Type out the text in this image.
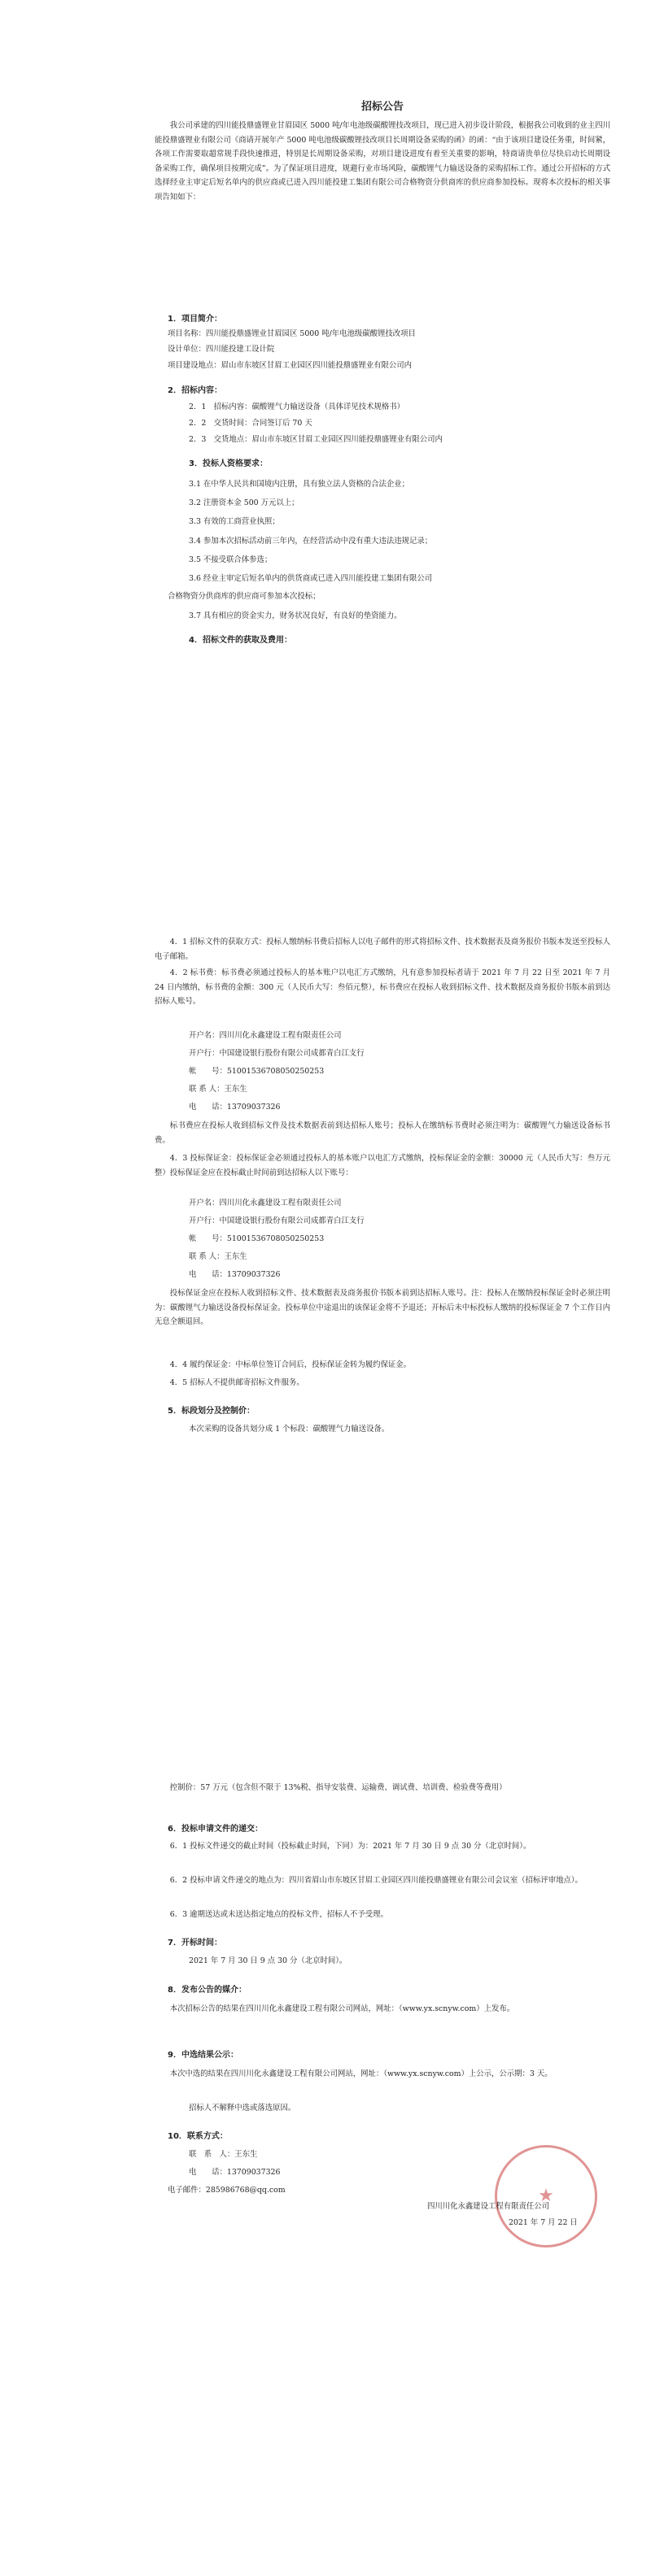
招标公告
我公司承建的四川能投鼎盛锂业甘眉园区 5000 吨/年电池级碳酸锂技改项目，现已进入初步设计阶段，根据我公司收到的业主四川能投鼎盛锂业有限公司《商请开展年产 5000 吨电池级碳酸锂技改项目长周期设备采购的函》的函：“由于该项目建设任务重，时间紧，各项工作需要取超常规手段快速推进，特别是长周期设备采购，对项目建设进度有着至关重要的影响，特商请贵单位尽快启动长周期设备采购工作，确保项目按期完成”。为了保证项目进度，规避行业市场风险，碳酸锂气力输送设备的采购招标工作。通过公开招标的方式选择经业主审定后短名单内的供应商或已进入四川能投建工集团有限公司合格物资分供商库的供应商参加投标。现将本次投标的相关事项告知如下：
1．项目简介：
项目名称：四川能投鼎盛锂业甘眉园区 5000 吨/年电池级碳酸锂技改项目
设计单位：四川能投建工设计院
项目建设地点：眉山市东坡区甘眉工业园区四川能投鼎盛锂业有限公司内
2．招标内容：
2．1　招标内容：碳酸锂气力输送设备（具体详见技术规格书）
2．2　交货时间：合同签订后 70 天
2．3　交货地点：眉山市东坡区甘眉工业园区四川能投鼎盛锂业有限公司内
3．投标人资格要求：
3.1 在中华人民共和国境内注册，具有独立法人资格的合法企业；
3.2 注册资本金 500 万元以上；
3.3 有效的工商营业执照；
3.4 参加本次招标活动前三年内，在经营活动中没有重大违法违规记录；
3.5 不接受联合体参选；
3.6 经业主审定后短名单内的供货商或已进入四川能投建工集团有限公司
合格物资分供商库的供应商可参加本次投标；
3.7 具有相应的资金实力，财务状况良好，有良好的垫资能力。
4．招标文件的获取及费用：
4．1 招标文件的获取方式：投标人缴纳标书费后招标人以电子邮件的形式将招标文件、技术数据表及商务报价书版本发送至投标人电子邮箱。
4．2 标书费：标书费必须通过投标人的基本账户以电汇方式缴纳，凡有意参加投标者请于 2021 年 7 月 22 日至 2021 年 7 月 24 日内缴纳，标书费的金额：300 元（人民币大写：叁佰元整），标书费应在投标人收到招标文件、技术数据及商务报价书版本前到达招标人账号。
开户名：四川川化永鑫建设工程有限责任公司
开户行：中国建设银行股份有限公司成都青白江支行
帐　　号：51001536708050250253
联 系 人：王东生
电　　话：13709037326
标书费应在投标人收到招标文件及技术数据表前到达招标人账号；投标人在缴纳标书费时必须注明为：碳酸锂气力输送设备标书费。
4．3 投标保证金：投标保证金必须通过投标人的基本账户以电汇方式缴纳，投标保证金的金额：30000 元（人民币大写：叁万元整）投标保证金应在投标截止时间前到达招标人以下账号：
开户名：四川川化永鑫建设工程有限责任公司
开户行：中国建设银行股份有限公司成都青白江支行
帐　　号：51001536708050250253
联 系 人：王东生
电　　话：13709037326
投标保证金应在投标人收到招标文件、技术数据表及商务报价书版本前到达招标人账号。注：投标人在缴纳投标保证金时必须注明为：碳酸锂气力输送设备投标保证金。投标单位中途退出的该保证金将不予退还；开标后未中标投标人缴纳的投标保证金 7 个工作日内无息全额退回。
4．4 履约保证金：中标单位签订合同后，投标保证金转为履约保证金。
4．5 招标人不提供邮寄招标文件服务。
5．标段划分及控制价：
本次采购的设备共划分成 1 个标段：碳酸锂气力输送设备。
控制价：57 万元（包含但不限于 13%税、指导安装费、运输费、调试费、培训费、检验费等费用）
6．投标申请文件的递交：
6．1 投标文件递交的截止时间（投标截止时间，下同）为：2021 年 7 月 30 日 9 点 30 分（北京时间）。
6．2 投标申请文件递交的地点为：四川省眉山市东坡区甘眉工业园区四川能投鼎盛锂业有限公司会议室（招标评审地点）。
6．3 逾期送达或未送达指定地点的投标文件，招标人不予受理。
7．开标时间：
2021 年 7 月 30 日 9 点 30 分（北京时间）。
8．发布公告的媒介：
本次招标公告的结果在四川川化永鑫建设工程有限公司网站，网址：（www.yx.scnyw.com）上发布。
9．中选结果公示：
本次中选的结果在四川川化永鑫建设工程有限公司网站，网址：（www.yx.scnyw.com）上公示，公示期：3 天。
招标人不解释中选或落选原因。
10．联系方式：
联　系　人：王东生
电　　话：13709037326
电子邮件：285986768@qq.com	★
四川川化永鑫建设工程有限责任公司
2021 年 7 月 22 日
